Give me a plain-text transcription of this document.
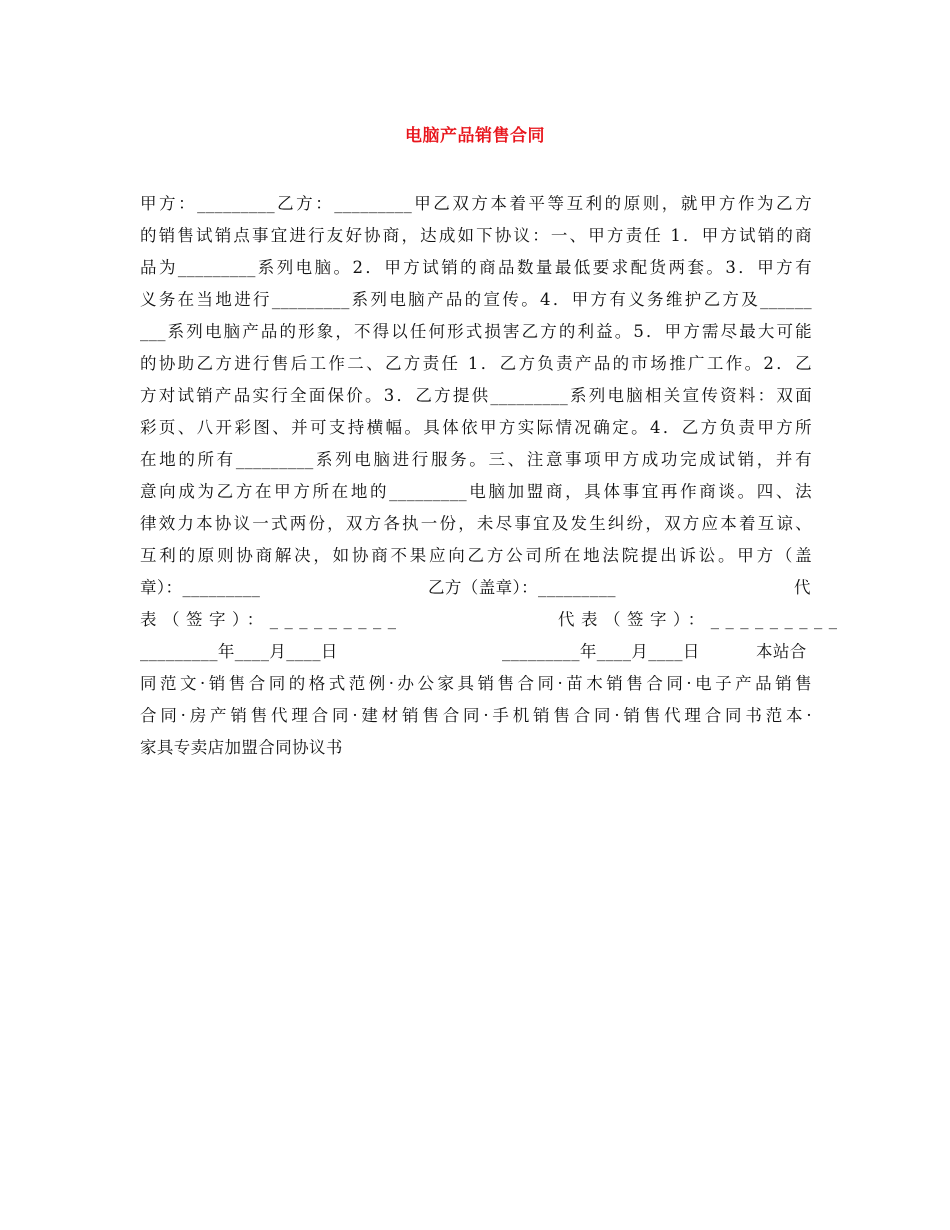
电脑产品销售合同
甲方：_________乙方：_________甲乙双方本着平等互利的原则，就甲方作为乙方
的销售试销点事宜进行友好协商，达成如下协议：一、甲方责任 1．甲方试销的商
品为_________系列电脑。2．甲方试销的商品数量最低要求配货两套。3．甲方有
义务在当地进行_________系列电脑产品的宣传。4．甲方有义务维护乙方及______
___系列电脑产品的形象，不得以任何形式损害乙方的利益。5．甲方需尽最大可能
的协助乙方进行售后工作二、乙方责任 1．乙方负责产品的市场推广工作。2．乙
方对试销产品实行全面保价。3．乙方提供_________系列电脑相关宣传资料：双面
彩页、八开彩图、并可支持横幅。具体依甲方实际情况确定。4．乙方负责甲方所
在地的所有_________系列电脑进行服务。三、注意事项甲方成功完成试销，并有
意向成为乙方在甲方所在地的_________电脑加盟商，具体事宜再作商谈。四、法
律效力本协议一式两份，双方各执一份，未尽事宜及发生纠纷，双方应本着互谅、
互利的原则协商解决，如协商不果应向乙方公司所在地法院提出诉讼。甲方（盖
章）：_________	乙方（盖章）：_________	代
表（签字）：_________	代表（签字）：_________
_________年____月____日	_________年____月____日	本站合
同范文·销售合同的格式范例·办公家具销售合同·苗木销售合同·电子产品销售
合同·房产销售代理合同·建材销售合同·手机销售合同·销售代理合同书范本·
家具专卖店加盟合同协议书
